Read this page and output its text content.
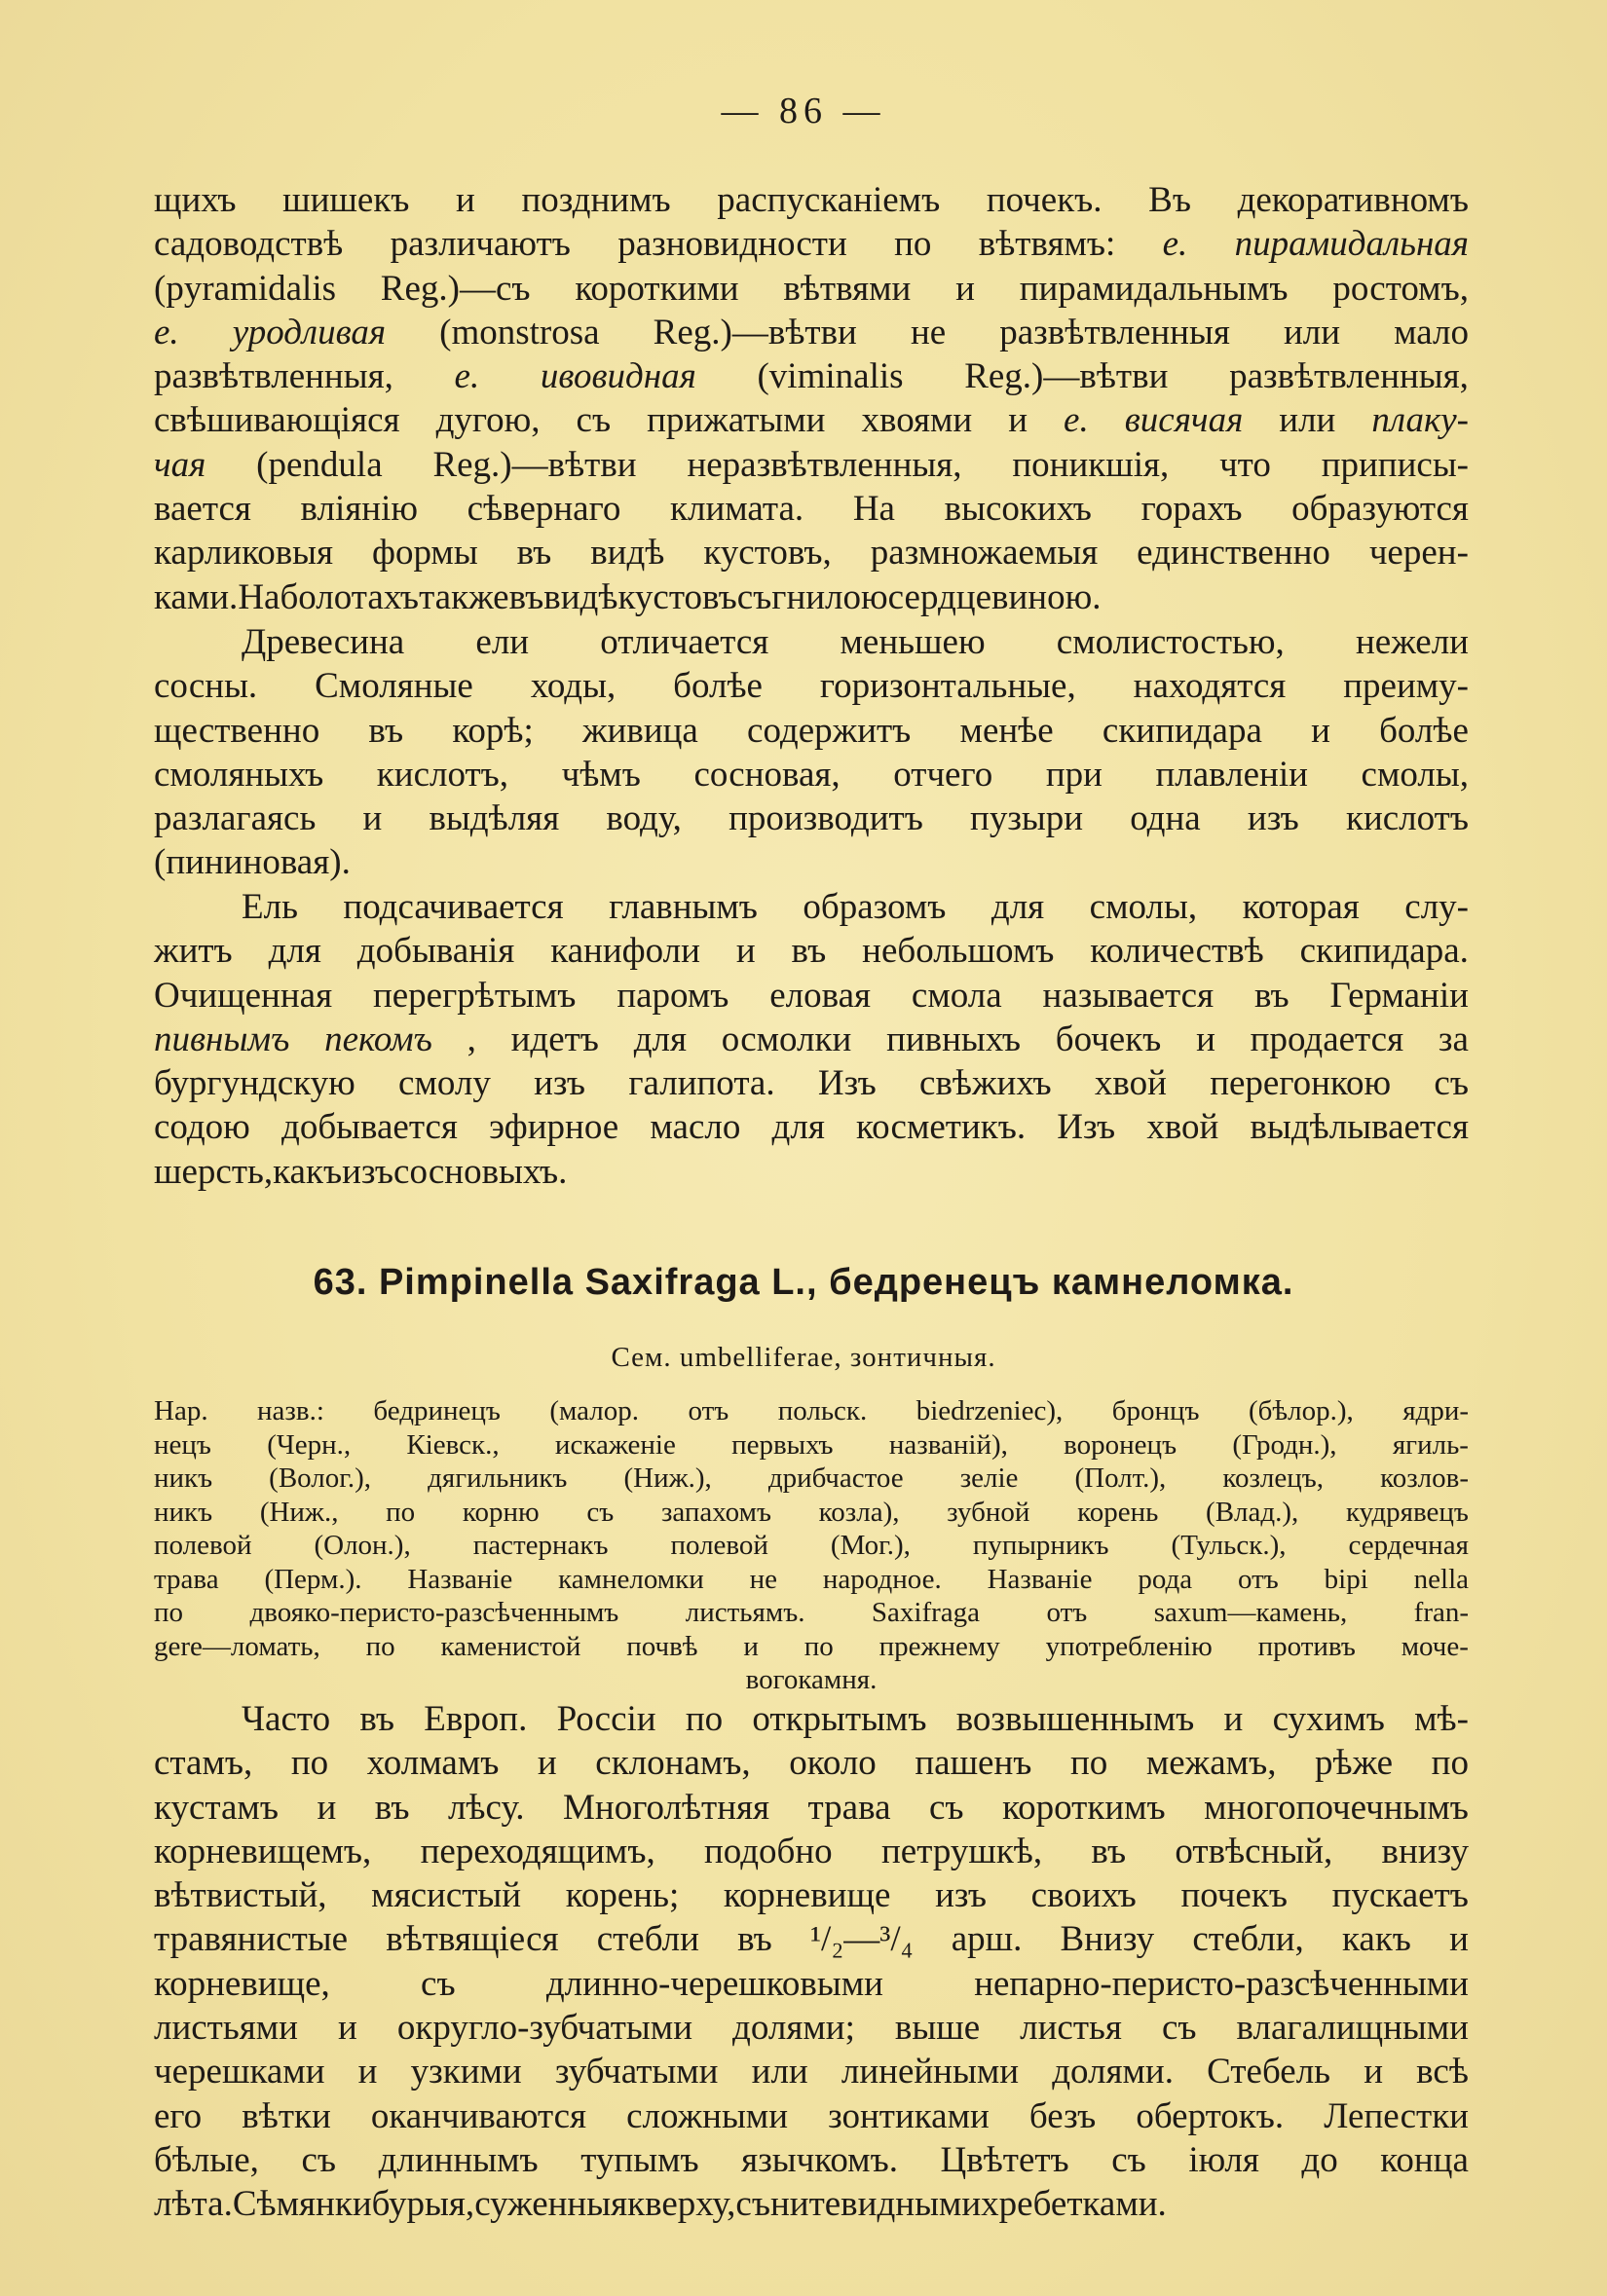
— 86 —
щихъ шишекъ и позднимъ распусканіемъ почекъ. Въ декоративномъ
садоводствѣ различаютъ разновидности по вѣтвямъ: е. пирамидальная
(pyramidalis Reg.)—съ короткими вѣтвями и пирамидальнымъ ростомъ,
е. уродливая (monstrosa Reg.)—вѣтви не развѣтвленныя или мало
развѣтвленныя, е. ивовидная (viminalis Reg.)—вѣтви развѣтвленныя,
свѣшивающіяся дугою, съ прижатыми хвоями и е. висячая или плаку-
чая (pendula Reg.)—вѣтви неразвѣтвленныя, поникшія, что приписы-
вается вліянію сѣвернаго климата. На высокихъ горахъ образуются
карликовыя формы въ видѣ кустовъ, размножаемыя единственно черен-
ками. На болотахъ также въ видѣ кустовъ съ гнилою сердцевиною.
Древесина ели отличается меньшею смолистостью, нежели
сосны. Смоляные ходы, болѣе горизонтальные, находятся преиму-
щественно въ корѣ; живица содержитъ менѣе скипидара и болѣе
смоляныхъ кислотъ, чѣмъ сосновая, отчего при плавленіи смолы,
разлагаясь и выдѣляя воду, производитъ пузыри одна изъ кислотъ
(пининовая).
Ель подсачивается главнымъ образомъ для смолы, которая слу-
житъ для добыванія канифоли и въ небольшомъ количествѣ скипидара.
Очищенная перегрѣтымъ паромъ еловая смола называется въ Германіи
пивнымъ пекомъ , идетъ для осмолки пивныхъ бочекъ и продается за
бургундскую смолу изъ галипота. Изъ свѣжихъ хвой перегонкою съ
содою добывается эфирное масло для косметикъ. Изъ хвой выдѣлывается
шерсть, какъ изъ сосновыхъ.
63. Pimpinella Saxifraga L., бедренецъ камнеломка.
Сем. umbelliferae, зонтичныя.
Нар. назв.: бедринецъ (малор. отъ польск. biedrzeniec), бронцъ (бѣлор.), ядри-
нецъ (Черн., Кіевск., искаженіе первыхъ названій), воронецъ (Гродн.), ягиль-
никъ (Волог.), дягильникъ (Ниж.), дрибчастое зеліе (Полт.), козлецъ, козлов-
никъ (Ниж., по корню съ запахомъ козла), зубной корень (Влад.), кудрявецъ
полевой (Олон.), пастернакъ полевой (Мог.), пупырникъ (Тульск.), сердечная
трава (Перм.). Названіе камнеломки не народное. Названіе рода отъ bipi nella
по двояко-перисто-разсѣченнымъ листьямъ. Saxifraga отъ saxum—камень, fran-
gere—ломать, по каменистой почвѣ и по прежнему употребленію противъ моче-
вого камня.
Часто въ Европ. Россіи по открытымъ возвышеннымъ и сухимъ мѣ-
стамъ, по холмамъ и склонамъ, около пашенъ по межамъ, рѣже по
кустамъ и въ лѣсу. Многолѣтняя трава съ короткимъ многопочечнымъ
корневищемъ, переходящимъ, подобно петрушкѣ, въ отвѣсный, внизу
вѣтвистый, мясистый корень; корневище изъ своихъ почекъ пускаетъ
травянистые вѣтвящіеся стебли въ ¹/₂—³/₄ арш. Внизу стебли, какъ и
корневище,	съ	длинно-черешковыми	непарно-перисто-разсѣченными
листьями и округло-зубчатыми долями; выше листья съ влагалищными
черешками и узкими зубчатыми или линейными долями. Стебель и всѣ
его вѣтки оканчиваются сложными зонтиками безъ обертокъ. Лепестки
бѣлые, съ длиннымъ тупымъ язычкомъ. Цвѣтетъ съ іюля до конца
лѣта. Сѣмянки бурыя, суженныя кверху, съ нитевидными хребетками.
